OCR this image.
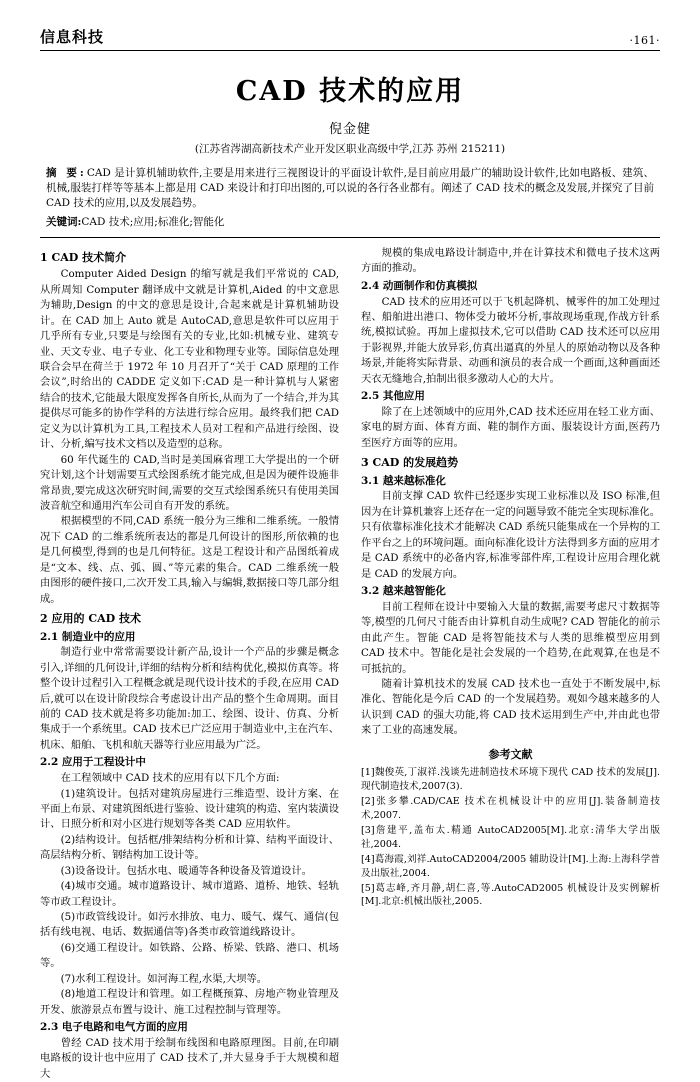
信息科技	·161·
CAD 技术的应用
倪金健
(江苏省涔湖高新技术产业开发区职业高级中学,江苏 苏州 215211)
摘 要:CAD 是计算机辅助软件,主要是用来进行三视图设计的平面设计软件,是目前应用最广的辅助设计软件,比如电路板、建筑、机械,服装打样等等基本上都是用 CAD 来设计和打印出图的,可以说的各行各业都有。阐述了 CAD 技术的概念及发展,并探究了目前 CAD 技术的应用,以及发展趋势。
关键词:CAD 技术;应用;标准化;智能化
1 CAD 技术简介

Computer Aided Design 的缩写就是我们平常说的 CAD,从所周知 Computer 翻译成中文就是计算机,Aided 的中文意思为辅助,Design 的中文的意思是设计,合起来就是计算机辅助设计。在 CAD 加上 Auto 就是 AutoCAD,意思是软件可以应用于几乎所有专业,只要是与绘图有关的专业,比如:机械专业、建筑专业、天文专业、电子专业、化工专业和物理专业等。国际信息处理联合会早在荷兰于 1972 年 10 月召开了“关于 CAD 原理的工作会议”,时给出的 CADDE 定义如下:CAD 是一种计算机与人紧密结合的技术,它能最大限度发挥各自所长,从而为了一个结合,并为其提供尽可能多的协作学科的方法进行综合应用。最终我们把 CAD 定义为以计算机为工具,工程技术人员对工程和产品进行绘图、设计、分析,编写技术文档以及造型的总称。

60 年代诞生的 CAD,当时是美国麻省理工大学提出的一个研究计划,这个计划需要互式绘图系统才能完成,但是因为硬件设施非常昂贵,要完成这次研究时间,需要的交互式绘图系统只有使用美国波音航空和通用汽车公司自有开发的系统。

根据模型的不同,CAD 系统一般分为三维和二维系统。一般情况下 CAD 的二维系统所表达的都是几何设计的图形,所依赖的也是几何模型,得到的也是几何特征。这是工程设计和产品图纸着成是“文本、线、点、弧、圆、”等元素的集合。CAD 二维系统一般由图形的硬件接口,二次开发工具,输入与编辑,数据接口等几部分组成。

2 应用的 CAD 技术
2.1 制造业中的应用

制造行业中常常需要设计新产品,设计一个产品的步骤是概念引入,详细的几何设计,详细的结构分析和结构优化,模拟仿真等。将整个设计过程引入工程概念就是现代设计技术的手段,在应用 CAD 后,就可以在设计阶段综合考虑设计出产品的整个生命周期。面目前的 CAD 技术就是将多功能加:加工、绘图、设计、仿真、分析集成于一个系统里。CAD 技术已广泛应用于制造业中,主在汽车、机床、船舶、飞机和航天器等行业应用最为广泛。

2.2 应用于工程设计中

在工程领域中 CAD 技术的应用有以下几个方面:

(1)建筑设计。包括对建筑房屋进行三维造型、设计方案、在平面上布景、对建筑图纸进行鉴验、设计建筑的构造、室内装潢设计、日照分析和对小区进行规划等各类 CAD 应用软件。

(2)结构设计。包括框/排架结构分析和计算、结构平面设计、高层结构分析、钢结构加工设计等。

(3)设备设计。包括水电、暖通等各种设备及管道设计。

(4)城市交通。城市道路设计、城市道路、道桥、地铁、轻轨等市政工程设计。

(5)市政管线设计。如污水排放、电力、暖气、煤气、通信(包括有线电视、电话、数据通信等)各类市政管道线路设计。

(6)交通工程设计。如铁路、公路、桥梁、铁路、港口、机场等。

(7)水利工程设计。如河海工程,水渠,大坝等。

(8)地道工程设计和管理。如工程概预算、房地产物业管理及开发、旅游景点布置与设计、施工过程控制与管理等。

2.3 电子电路和电气方面的应用

曾经 CAD 技术用于绘制布线图和电路原理图。目前,在印刷电路板的设计也中应用了 CAD 技术了,并大显身手于大规模和超大

规模的集成电路设计制造中,并在计算技术和微电子技术这两方面的推动。

2.4 动画制作和仿真模拟

CAD 技术的应用还可以于飞机起降机、械零件的加工处理过程、船舶进出港口、物体受力破坏分析,事故现场重现,作战方针系统,模拟试验。再加上虚拟技术,它可以借助 CAD 技术还可以应用于影视界,并能大放异彩,仿真出逼真的外星人的原始动物以及各种场景,并能将实际背景、动画和演员的表合成一个画面,这种画面还天衣无缝地合,拍制出很多激动人心的大片。

2.5 其他应用

除了在上述领域中的应用外,CAD 技术还应用在轻工业方面、家电的厨方面、体育方面、鞋的制作方面、服装设计方面,医药乃至医疗方面等的应用。

3 CAD 的发展趋势
3.1 越来越标准化

目前支撑 CAD 软件已经逐步实现工业标准以及 ISO 标准,但因为在计算机兼容上还存在一定的问题导致不能完全实现标准化。只有依靠标准化技术才能解决 CAD 系统只能集成在一个异构的工作平台之上的环境问题。面向标准化设计方法得到多方面的应用才是 CAD 系统中的必备内容,标准零部件库,工程设计应用合理化就是 CAD 的发展方向。

3.2 越来越智能化

目前工程师在设计中要输入大量的数据,需要考虑尺寸数据等等,模型的几何尺寸能否由计算机自动生成呢? CAD 智能化的前示由此产生。智能 CAD 是将智能技术与人类的思维模型应用到 CAD 技术中。智能化是社会发展的一个趋势,在此观算,在也是不可抵抗的。

随着计算机技术的发展 CAD 技术也一直处于不断发展中,标准化、智能化是今后 CAD 的一个发展趋势。观如今越来越多的人认识到 CAD 的强大功能,将 CAD 技术运用到生产中,并由此也带来了工业的高速发展。

参考文献

[1]魏俊英,丁淑祥.浅谈先进制造技术环境下现代 CAD 技术的发展[J].现代制造技术,2007(3).

[2]张多攀.CAD/CAE 技术在机械设计中的应用[J].装备制造技术,2007.

[3]詹建平,盖布太.精通 AutoCAD2005[M].北京:清华大学出版社,2004.

[4]葛海霞,刘祥.AutoCAD2004/2005 辅助设计[M].上海:上海科学普及出版社,2004.

[5]葛志峰,齐月静,胡仁喜,等.AutoCAD2005 机械设计及实例解析[M].北京:机械出版社,2005.
